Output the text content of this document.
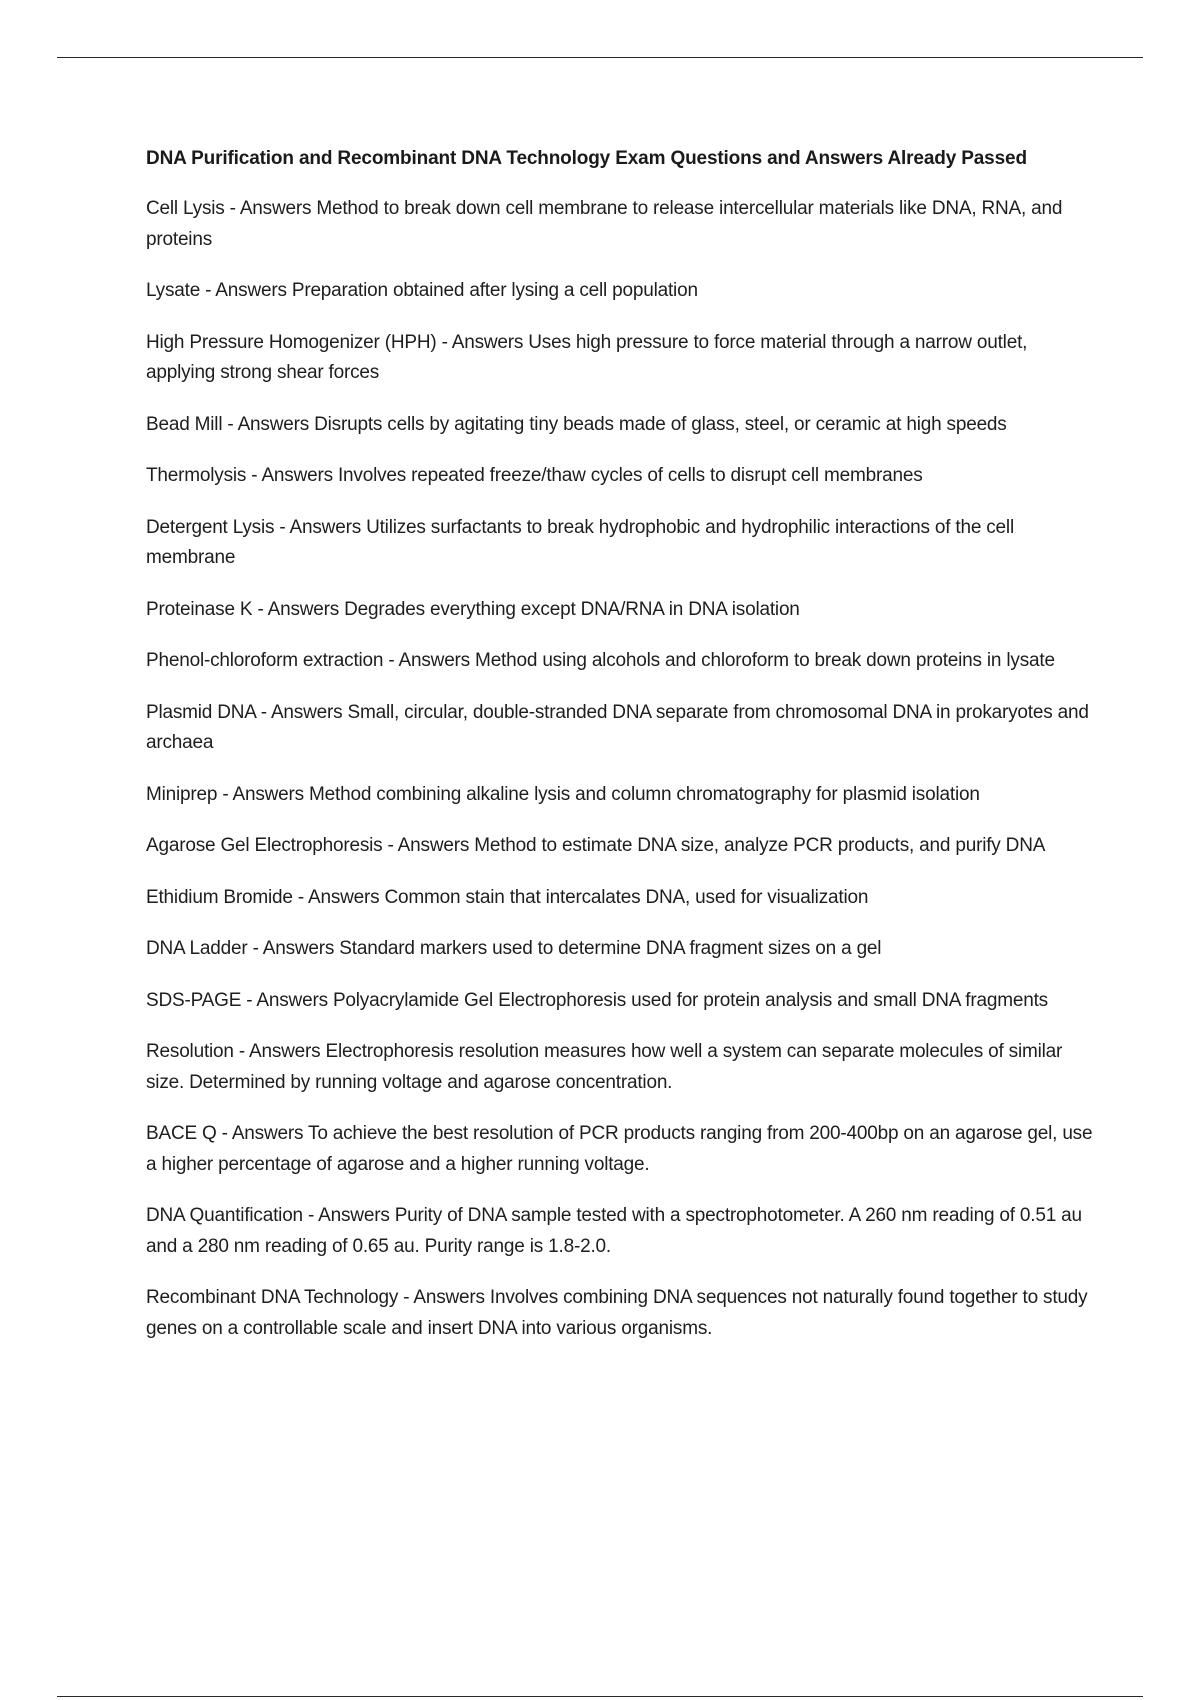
DNA Purification and Recombinant DNA Technology Exam Questions and Answers Already Passed
Cell Lysis - Answers Method to break down cell membrane to release intercellular materials like DNA, RNA, and proteins
Lysate - Answers Preparation obtained after lysing a cell population
High Pressure Homogenizer (HPH) - Answers Uses high pressure to force material through a narrow outlet, applying strong shear forces
Bead Mill - Answers Disrupts cells by agitating tiny beads made of glass, steel, or ceramic at high speeds
Thermolysis - Answers Involves repeated freeze/thaw cycles of cells to disrupt cell membranes
Detergent Lysis - Answers Utilizes surfactants to break hydrophobic and hydrophilic interactions of the cell membrane
Proteinase K - Answers Degrades everything except DNA/RNA in DNA isolation
Phenol-chloroform extraction - Answers Method using alcohols and chloroform to break down proteins in lysate
Plasmid DNA - Answers Small, circular, double-stranded DNA separate from chromosomal DNA in prokaryotes and archaea
Miniprep - Answers Method combining alkaline lysis and column chromatography for plasmid isolation
Agarose Gel Electrophoresis - Answers Method to estimate DNA size, analyze PCR products, and purify DNA
Ethidium Bromide - Answers Common stain that intercalates DNA, used for visualization
DNA Ladder - Answers Standard markers used to determine DNA fragment sizes on a gel
SDS-PAGE - Answers Polyacrylamide Gel Electrophoresis used for protein analysis and small DNA fragments
Resolution - Answers Electrophoresis resolution measures how well a system can separate molecules of similar size. Determined by running voltage and agarose concentration.
BACE Q - Answers To achieve the best resolution of PCR products ranging from 200-400bp on an agarose gel, use a higher percentage of agarose and a higher running voltage.
DNA Quantification - Answers Purity of DNA sample tested with a spectrophotometer. A 260 nm reading of 0.51 au and a 280 nm reading of 0.65 au. Purity range is 1.8-2.0.
Recombinant DNA Technology - Answers Involves combining DNA sequences not naturally found together to study genes on a controllable scale and insert DNA into various organisms.
